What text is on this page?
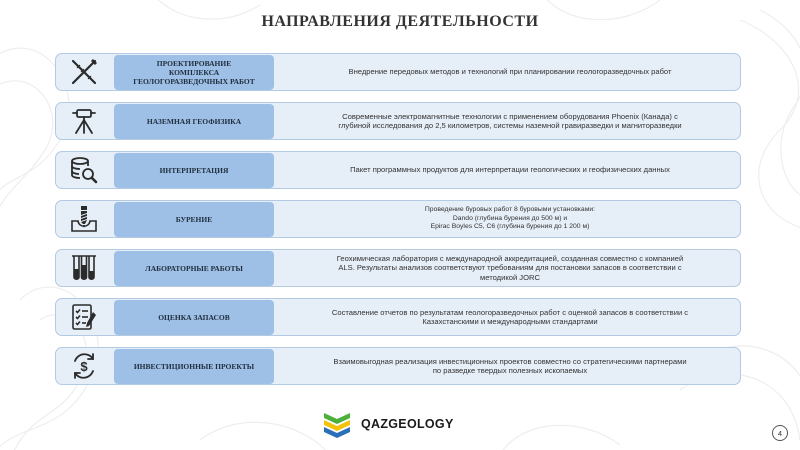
НАПРАВЛЕНИЯ ДЕЯТЕЛЬНОСТИ
ПРОЕКТИРОВАНИЕ
КОМПЛЕКСА
ГЕОЛОГОРАЗВЕДОЧНЫХ РАБОТ
Внедрение передовых методов и технологий при планировании геологоразведочных работ
НАЗЕМНАЯ ГЕОФИЗИКА
Современные электромагнитные технологии с применением оборудования Phoenix (Канада) с
глубиной исследования до 2,5 километров, системы наземной гравиразведки и магниторазведки
ИНТЕРПРЕТАЦИЯ	Пакет программных продуктов для интерпретации геологических и геофизических данных
БУРЕНИЕ
Проведение буровых работ 8 буровыми установками:
Dando (глубина бурения до 500 м) и
Epirac Boyles C5, C6 (глубина бурения до 1 200 м)
ЛАБОРАТОРНЫЕ РАБОТЫ
Геохимическая лаборатория с международной аккредитацией, созданная совместно с компанией
ALS. Результаты анализов соответствуют требованиям для постановки запасов в соответствии с
методикой JORC
ОЦЕНКА ЗАПАСОВ
Составление отчетов по результатам геологоразведочных работ с оценкой запасов в соответствии с
Казахстанскими и международными стандартами
$	ИНВЕСТИЦИОННЫЕ ПРОЕКТЫ
Взаимовыгодная реализация инвестиционных проектов совместно со стратегическими партнерами
по разведке твердых полезных ископаемых
QAZGEOLOGY
4
